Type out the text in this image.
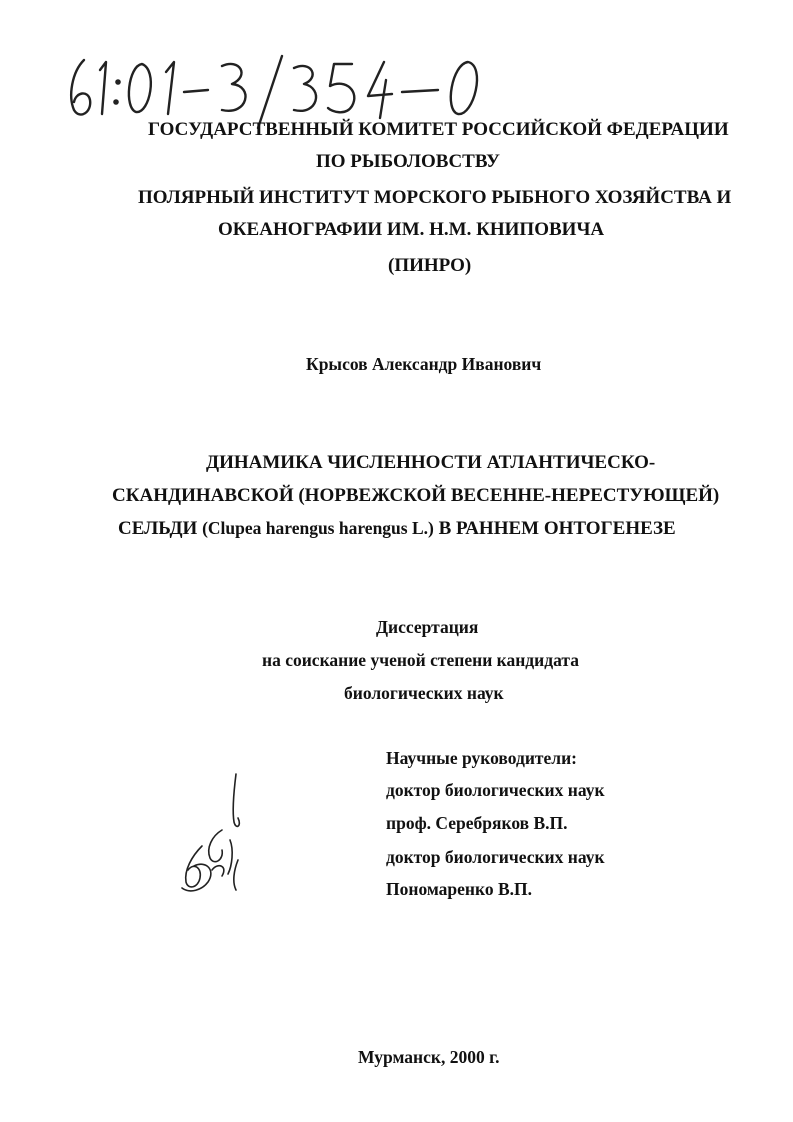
ГОСУДАРСТВЕННЫЙ КОМИТЕТ РОССИЙСКОЙ ФЕДЕРАЦИИ
ПО РЫБОЛОВСТВУ
ПОЛЯРНЫЙ ИНСТИТУТ МОРСКОГО РЫБНОГО ХОЗЯЙСТВА И
ОКЕАНОГРАФИИ ИМ. Н.М. КНИПОВИЧА
(ПИНРО)
Крысов Александр Иванович
ДИНАМИКА ЧИСЛЕННОСТИ АТЛАНТИЧЕСКО-
СКАНДИНАВСКОЙ (НОРВЕЖСКОЙ ВЕСЕННЕ-НЕРЕСТУЮЩЕЙ)
СЕЛЬДИ (Clupea harengus harengus L.) В РАННЕМ ОНТОГЕНЕЗЕ
Диссертация
на соискание ученой степени кандидата
биологических наук
Научные руководители:
доктор биологических наук
проф. Серебряков В.П.
доктор биологических наук
Пономаренко В.П.
Мурманск, 2000 г.
